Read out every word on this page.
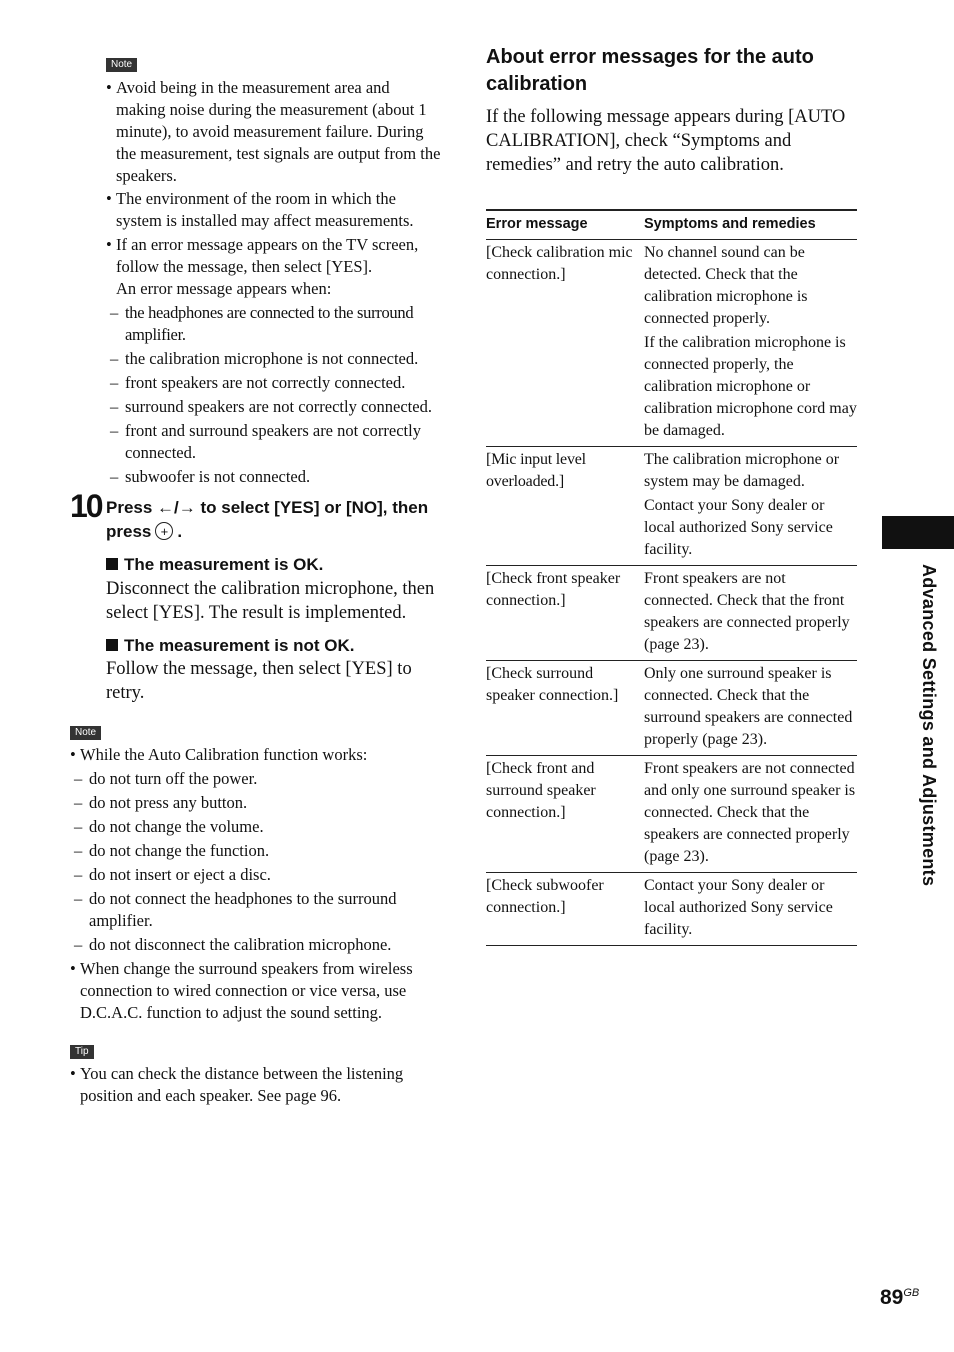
Note
• Avoid being in the measurement area and making noise during the measurement (about 1 minute), to avoid measurement failure. During the measurement, test signals are output from the speakers.
• The environment of the room in which the system is installed may affect measurements.
• If an error message appears on the TV screen, follow the message, then select [YES].
An error message appears when:
– the headphones are connected to the surround amplifier.
– the calibration microphone is not connected.
– front speakers are not correctly connected.
– surround speakers are not correctly connected.
– front and surround speakers are not correctly connected.
– subwoofer is not connected.
10 Press ←/→ to select [YES] or [NO], then press + .
The measurement is OK.
Disconnect the calibration microphone, then select [YES]. The result is implemented.
The measurement is not OK.
Follow the message, then select [YES] to retry.
Note
• While the Auto Calibration function works:
– do not turn off the power.
– do not press any button.
– do not change the volume.
– do not change the function.
– do not insert or eject a disc.
– do not connect the headphones to the surround amplifier.
– do not disconnect the calibration microphone.
• When change the surround speakers from wireless connection to wired connection or vice versa, use D.C.A.C. function to adjust the sound setting.
Tip
• You can check the distance between the listening position and each speaker. See page 96.
About error messages for the auto calibration
If the following message appears during [AUTO CALIBRATION], check “Symptoms and remedies” and retry the auto calibration.
Error message	Symptoms and remedies
[Check calibration mic connection.]	No channel sound can be detected. Check that the calibration microphone is connected properly.

If the calibration microphone is connected properly, the calibration microphone or calibration microphone cord may be damaged.

[Mic input level overloaded.]	The calibration microphone or system may be damaged.

Contact your Sony dealer or local authorized Sony service facility.

[Check front speaker connection.]	Front speakers are not connected. Check that the front speakers are connected properly (page 23).

[Check surround speaker connection.]	Only one surround speaker is connected. Check that the surround speakers are connected properly (page 23).

[Check front and surround speaker connection.]	Front speakers are not connected and only one surround speaker is connected. Check that the speakers are connected properly (page 23).

[Check subwoofer connection.]	Contact your Sony dealer or local authorized Sony service facility.

Advanced Settings and Adjustments
$89^{GB}$
